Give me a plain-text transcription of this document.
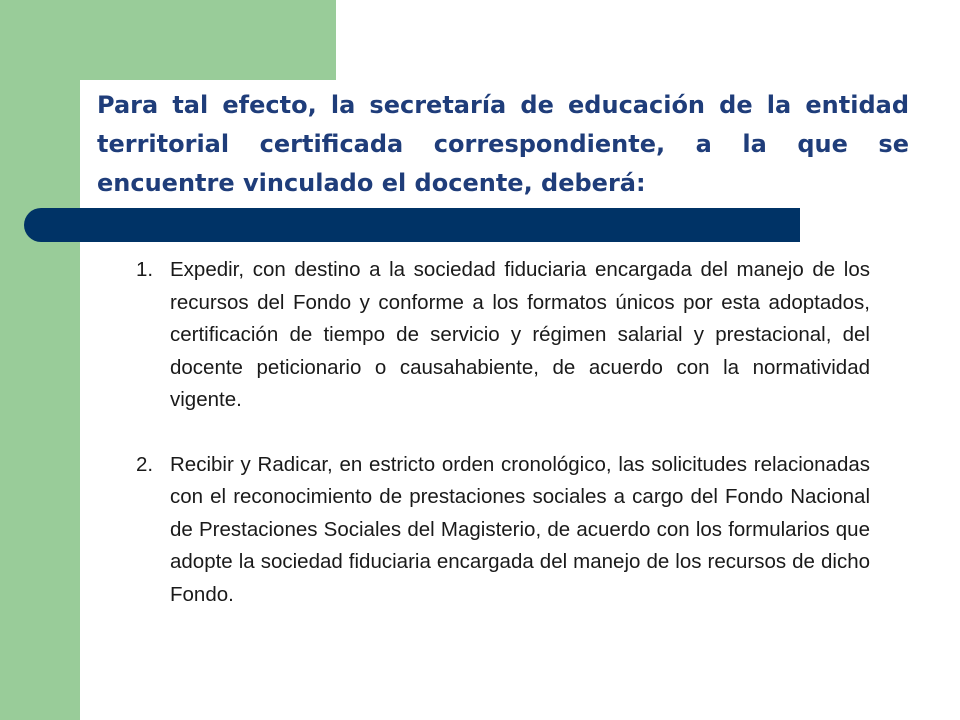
Para tal efecto, la secretaría de educación de la entidad territorial certificada correspondiente, a la que se encuentre vinculado el docente, deberá:
1. Expedir, con destino a la sociedad fiduciaria encargada del manejo de los recursos del Fondo y conforme a los formatos únicos por esta adoptados, certificación de tiempo de servicio y régimen salarial y prestacional, del docente peticionario o causahabiente, de acuerdo con la normatividad vigente.
2. Recibir y Radicar, en estricto orden cronológico, las solicitudes relacionadas con el reconocimiento de prestaciones sociales a cargo del Fondo Nacional de Prestaciones Sociales del Magisterio, de acuerdo con los formularios que adopte la sociedad fiduciaria encargada del manejo de los recursos de dicho Fondo.
